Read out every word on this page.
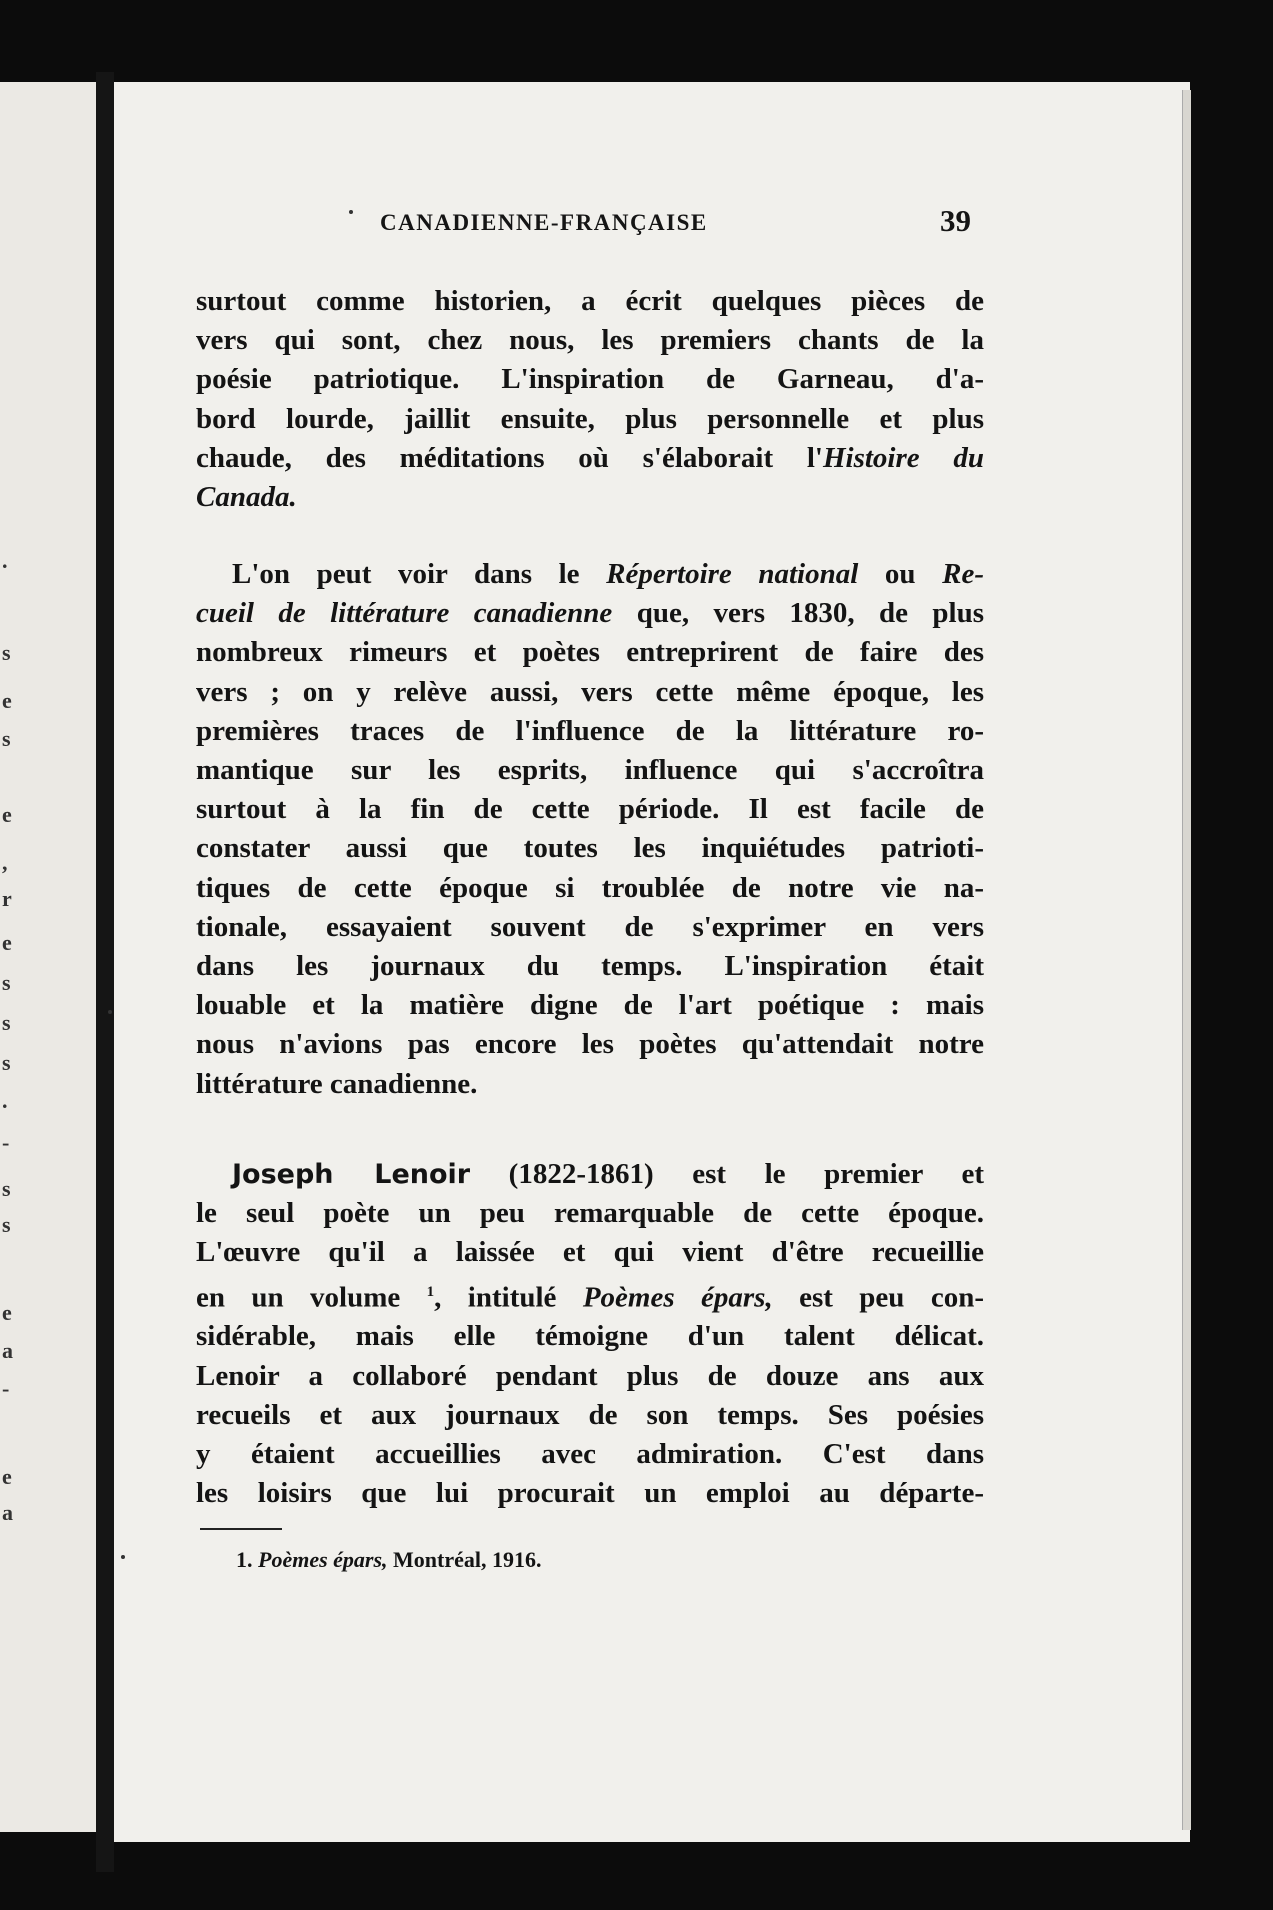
CANADIENNE-FRANÇAISE	39
surtout comme historien, a écrit quelques pièces de
vers qui sont, chez nous, les premiers chants de la
poésie patriotique. L'inspiration de Garneau, d'a-
bord lourde, jaillit ensuite, plus personnelle et plus
chaude, des méditations où s'élaborait l'Histoire du
Canada.
L'on peut voir dans le Répertoire national ou Re-
cueil de littérature canadienne que, vers 1830, de plus
nombreux rimeurs et poètes entreprirent de faire des
vers ; on y relève aussi, vers cette même époque, les
premières traces de l'influence de la littérature ro-
mantique sur les esprits, influence qui s'accroîtra
surtout à la fin de cette période. Il est facile de
constater aussi que toutes les inquiétudes patrioti-
tiques de cette époque si troublée de notre vie na-
tionale, essayaient souvent de s'exprimer en vers
dans les journaux du temps. L'inspiration était
louable et la matière digne de l'art poétique : mais
nous n'avions pas encore les poètes qu'attendait notre
littérature canadienne.
Joseph Lenoir (1822-1861) est le premier et
le seul poète un peu remarquable de cette époque.
L'œuvre qu'il a laissée et qui vient d'être recueillie
en un volume $^1$, intitulé Poèmes épars, est peu con-
sidérable, mais elle témoigne d'un talent délicat.
Lenoir a collaboré pendant plus de douze ans aux
recueils et aux journaux de son temps. Ses poésies
y étaient accueillies avec admiration. C'est dans
les loisirs que lui procurait un emploi au départe-
1. Poèmes épars, Montréal, 1916.
.
s
e
s
e
,
r
e
s
s
s
.
-
s
s
e
a
-
e
a
